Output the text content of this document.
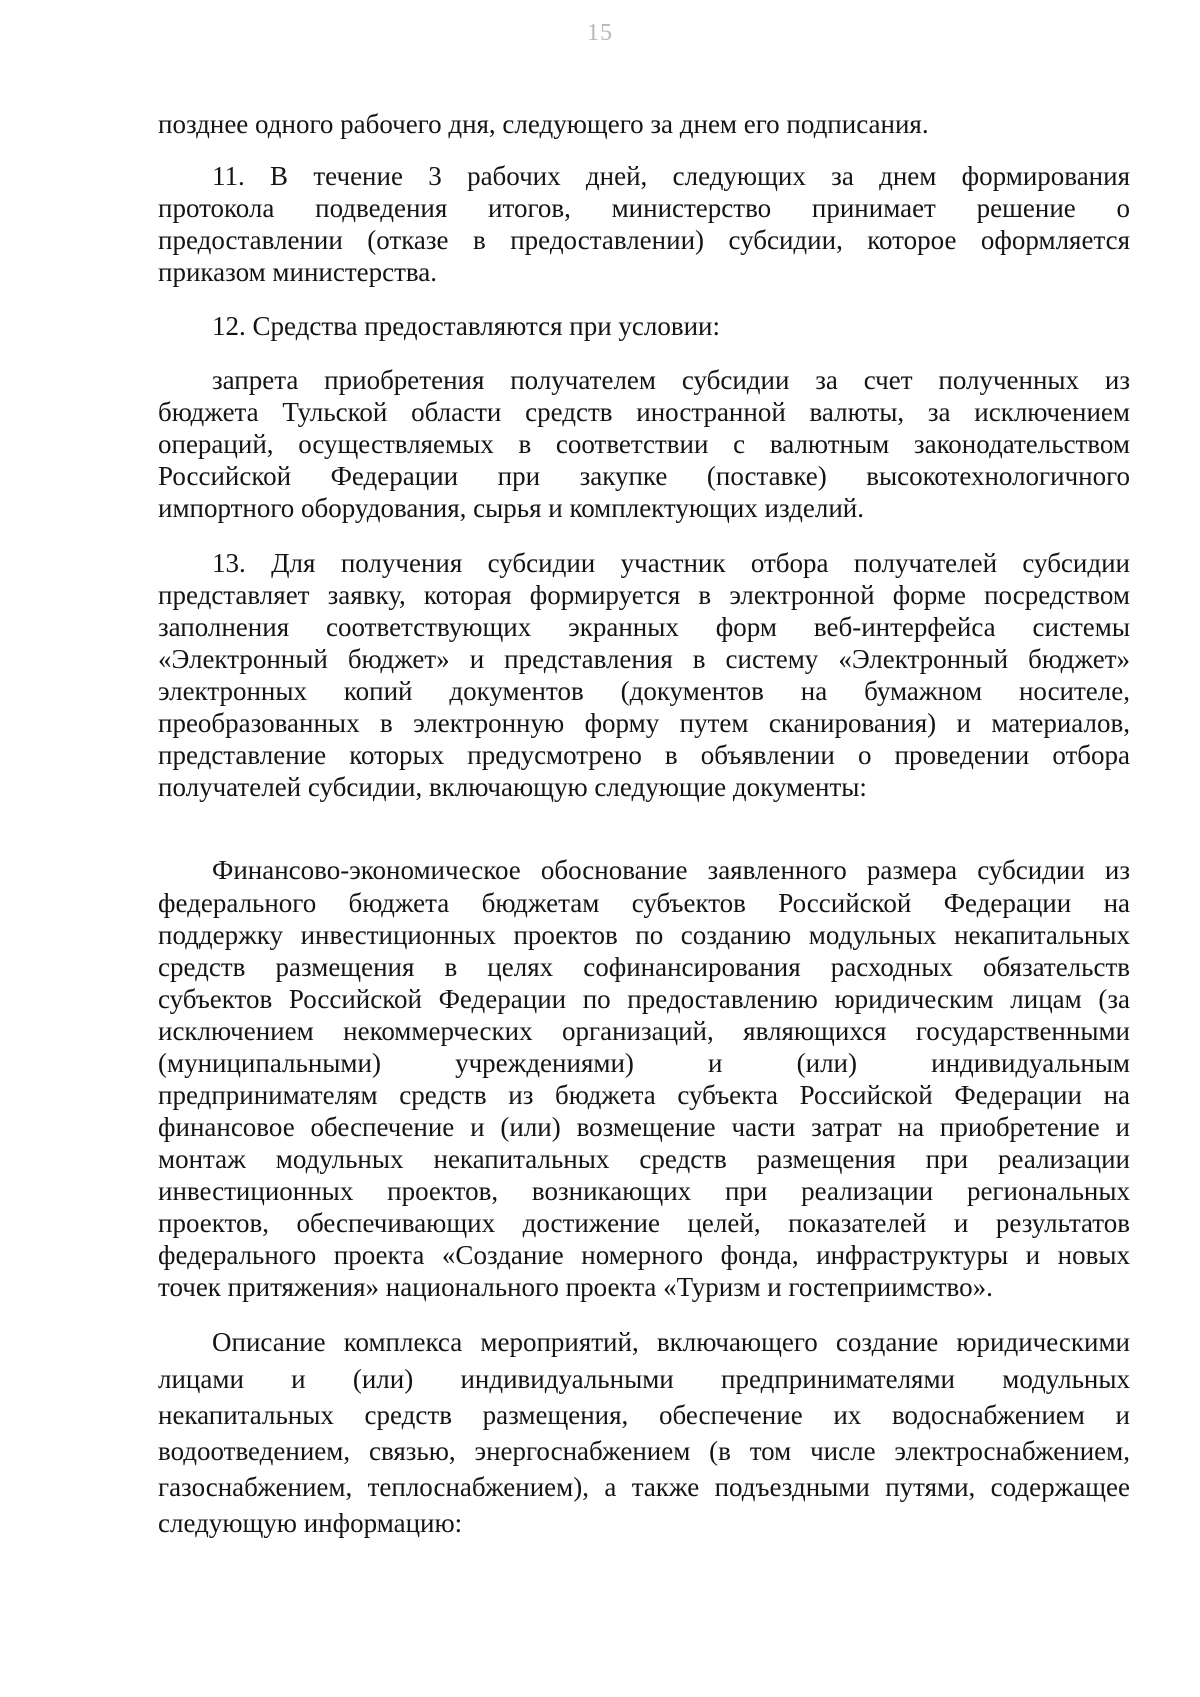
15
позднее одного рабочего дня, следующего за днем его подписания.
11. В течение 3 рабочих дней, следующих за днем формирования
протокола подведения итогов, министерство принимает решение о
предоставлении (отказе в предоставлении) субсидии, которое оформляется
приказом министерства.
12. Средства предоставляются при условии:
запрета приобретения получателем субсидии за счет полученных из
бюджета Тульской области средств иностранной валюты, за исключением
операций, осуществляемых в соответствии с валютным законодательством
Российской Федерации при закупке (поставке) высокотехнологичного
импортного оборудования, сырья и комплектующих изделий.
13. Для получения субсидии участник отбора получателей субсидии
представляет заявку, которая формируется в электронной форме посредством
заполнения соответствующих экранных форм веб-интерфейса системы
«Электронный бюджет» и представления в систему «Электронный бюджет»
электронных копий документов (документов на бумажном носителе,
преобразованных в электронную форму путем сканирования) и материалов,
представление которых предусмотрено в объявлении о проведении отбора
получателей субсидии, включающую следующие документы:
Финансово-экономическое обоснование заявленного размера субсидии из
федерального бюджета бюджетам субъектов Российской Федерации на
поддержку инвестиционных проектов по созданию модульных некапитальных
средств размещения в целях софинансирования расходных обязательств
субъектов Российской Федерации по предоставлению юридическим лицам (за
исключением некоммерческих организаций, являющихся государственными
(муниципальными) учреждениями) и (или) индивидуальным
предпринимателям средств из бюджета субъекта Российской Федерации на
финансовое обеспечение и (или) возмещение части затрат на приобретение и
монтаж модульных некапитальных средств размещения при реализации
инвестиционных проектов, возникающих при реализации региональных
проектов, обеспечивающих достижение целей, показателей и результатов
федерального проекта «Создание номерного фонда, инфраструктуры и новых
точек притяжения» национального проекта «Туризм и гостеприимство».
Описание комплекса мероприятий, включающего создание юридическими
лицами и (или) индивидуальными предпринимателями модульных
некапитальных средств размещения, обеспечение их водоснабжением и
водоотведением, связью, энергоснабжением (в том числе электроснабжением,
газоснабжением, теплоснабжением), а также подъездными путями, содержащее
следующую информацию:
